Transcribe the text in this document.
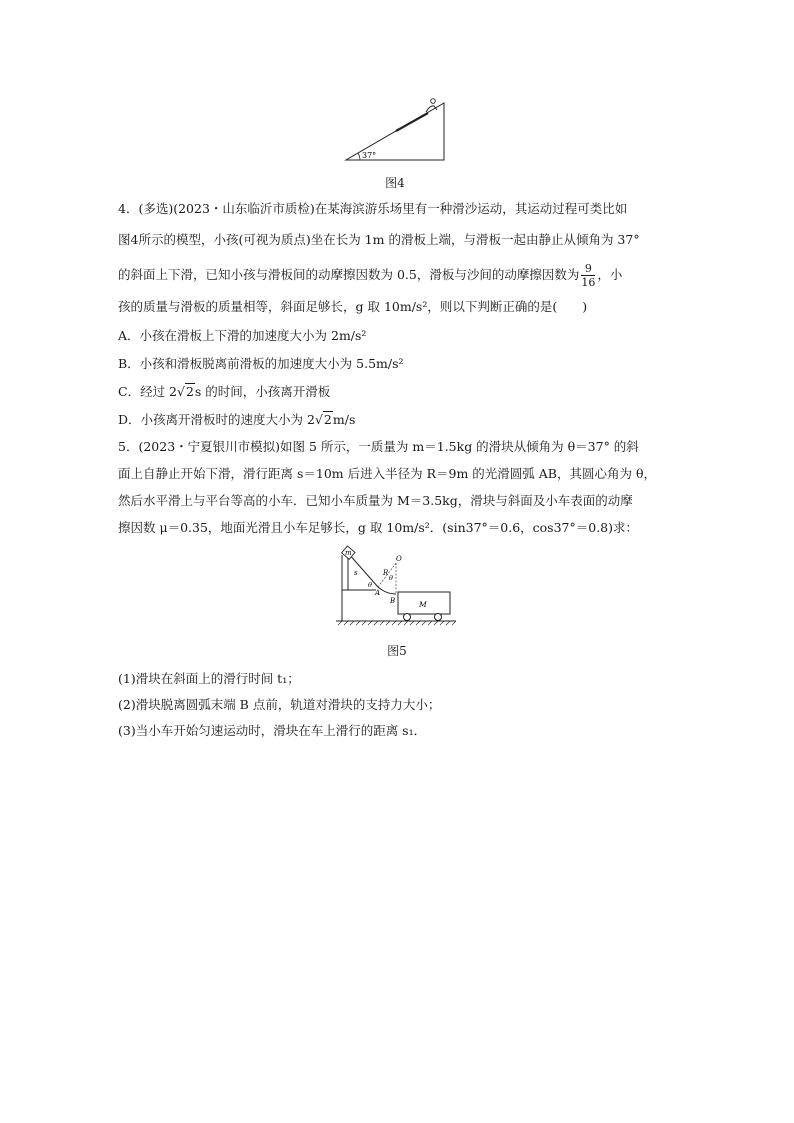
37°
图4
4．(多选)(2023・山东临沂市质检)在某海滨游乐场里有一种滑沙运动，其运动过程可类比如
图4所示的模型，小孩(可视为质点)坐在长为 1m 的滑板上端，与滑板一起由静止从倾角为 37°
的斜面上下滑，已知小孩与滑板间的动摩擦因数为 0.5，滑板与沙间的动摩擦因数为 $\frac{9}{16}$ ，小
孩的质量与滑板的质量相等，斜面足够长，g 取 10m/s²，则以下判断正确的是(　　)
A．小孩在滑板上下滑的加速度大小为 2m/s²
B．小孩和滑板脱离前滑板的加速度大小为 5.5m/s²
C．经过 2√2s 的时间，小孩离开滑板
D．小孩离开滑板时的速度大小为 2√2m/s
5．(2023・宁夏银川市模拟)如图 5 所示，一质量为 m＝1.5kg 的滑块从倾角为 θ＝37° 的斜
面上自静止开始下滑，滑行距离 s＝10m 后进入半径为 R＝9m 的光滑圆弧 AB，其圆心角为 θ，
然后水平滑上与平台等高的小车．已知小车质量为 M＝3.5kg，滑块与斜面及小车表面的动摩
擦因数 μ＝0.35，地面光滑且小车足够长，g 取 10m/s²．(sin37°＝0.6，cos37°＝0.8)求：
m
s
θ
θ
R
O
A
B	M
图5
(1)滑块在斜面上的滑行时间 t₁；
(2)滑块脱离圆弧末端 B 点前，轨道对滑块的支持力大小；
(3)当小车开始匀速运动时，滑块在车上滑行的距离 s₁．
